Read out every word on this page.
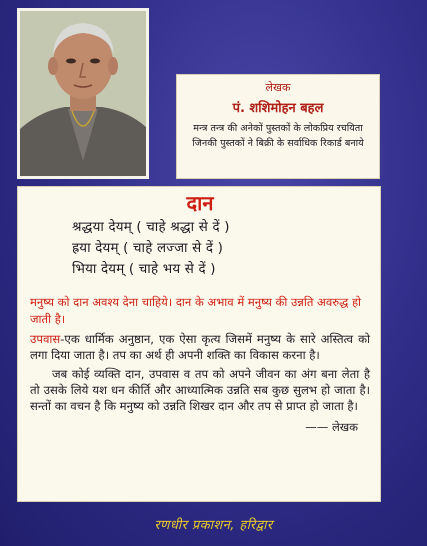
लेखक
पं. शशिमोहन बहल
मन्त्र तन्त्र की अनेकों पुस्तकों के लोकप्रिय रचयिता जिनकी पुस्तकों ने बिक्री के सर्वाधिक रिकार्ड बनाये
दान
श्रद्धया देयम् ( चाहे श्रद्धा से दें )
ह्रया देयम् ( चाहे लज्जा से दें )
भिया देयम् ( चाहे भय से दें )
मनुष्य को दान अवश्य देना चाहिये। दान के अभाव में मनुष्य की उन्नति अवरुद्ध हो जाती है।
उपवास-एक धार्मिक अनुष्ठान, एक ऐसा कृत्य जिसमें मनुष्य के सारे अस्तित्व को लगा दिया जाता है। तप का अर्थ ही अपनी शक्ति का विकास करना है।
जब कोई व्यक्ति दान, उपवास व तप को अपने जीवन का अंग बना लेता है तो उसके लिये यश धन कीर्ति और आध्यात्मिक उन्नति सब कुछ सुलभ हो जाता है। सन्तों का वचन है कि मनुष्य को उन्नति शिखर दान और तप से प्राप्त हो जाता है।
—— लेखक
रणधीर प्रकाशन, हरिद्वार
